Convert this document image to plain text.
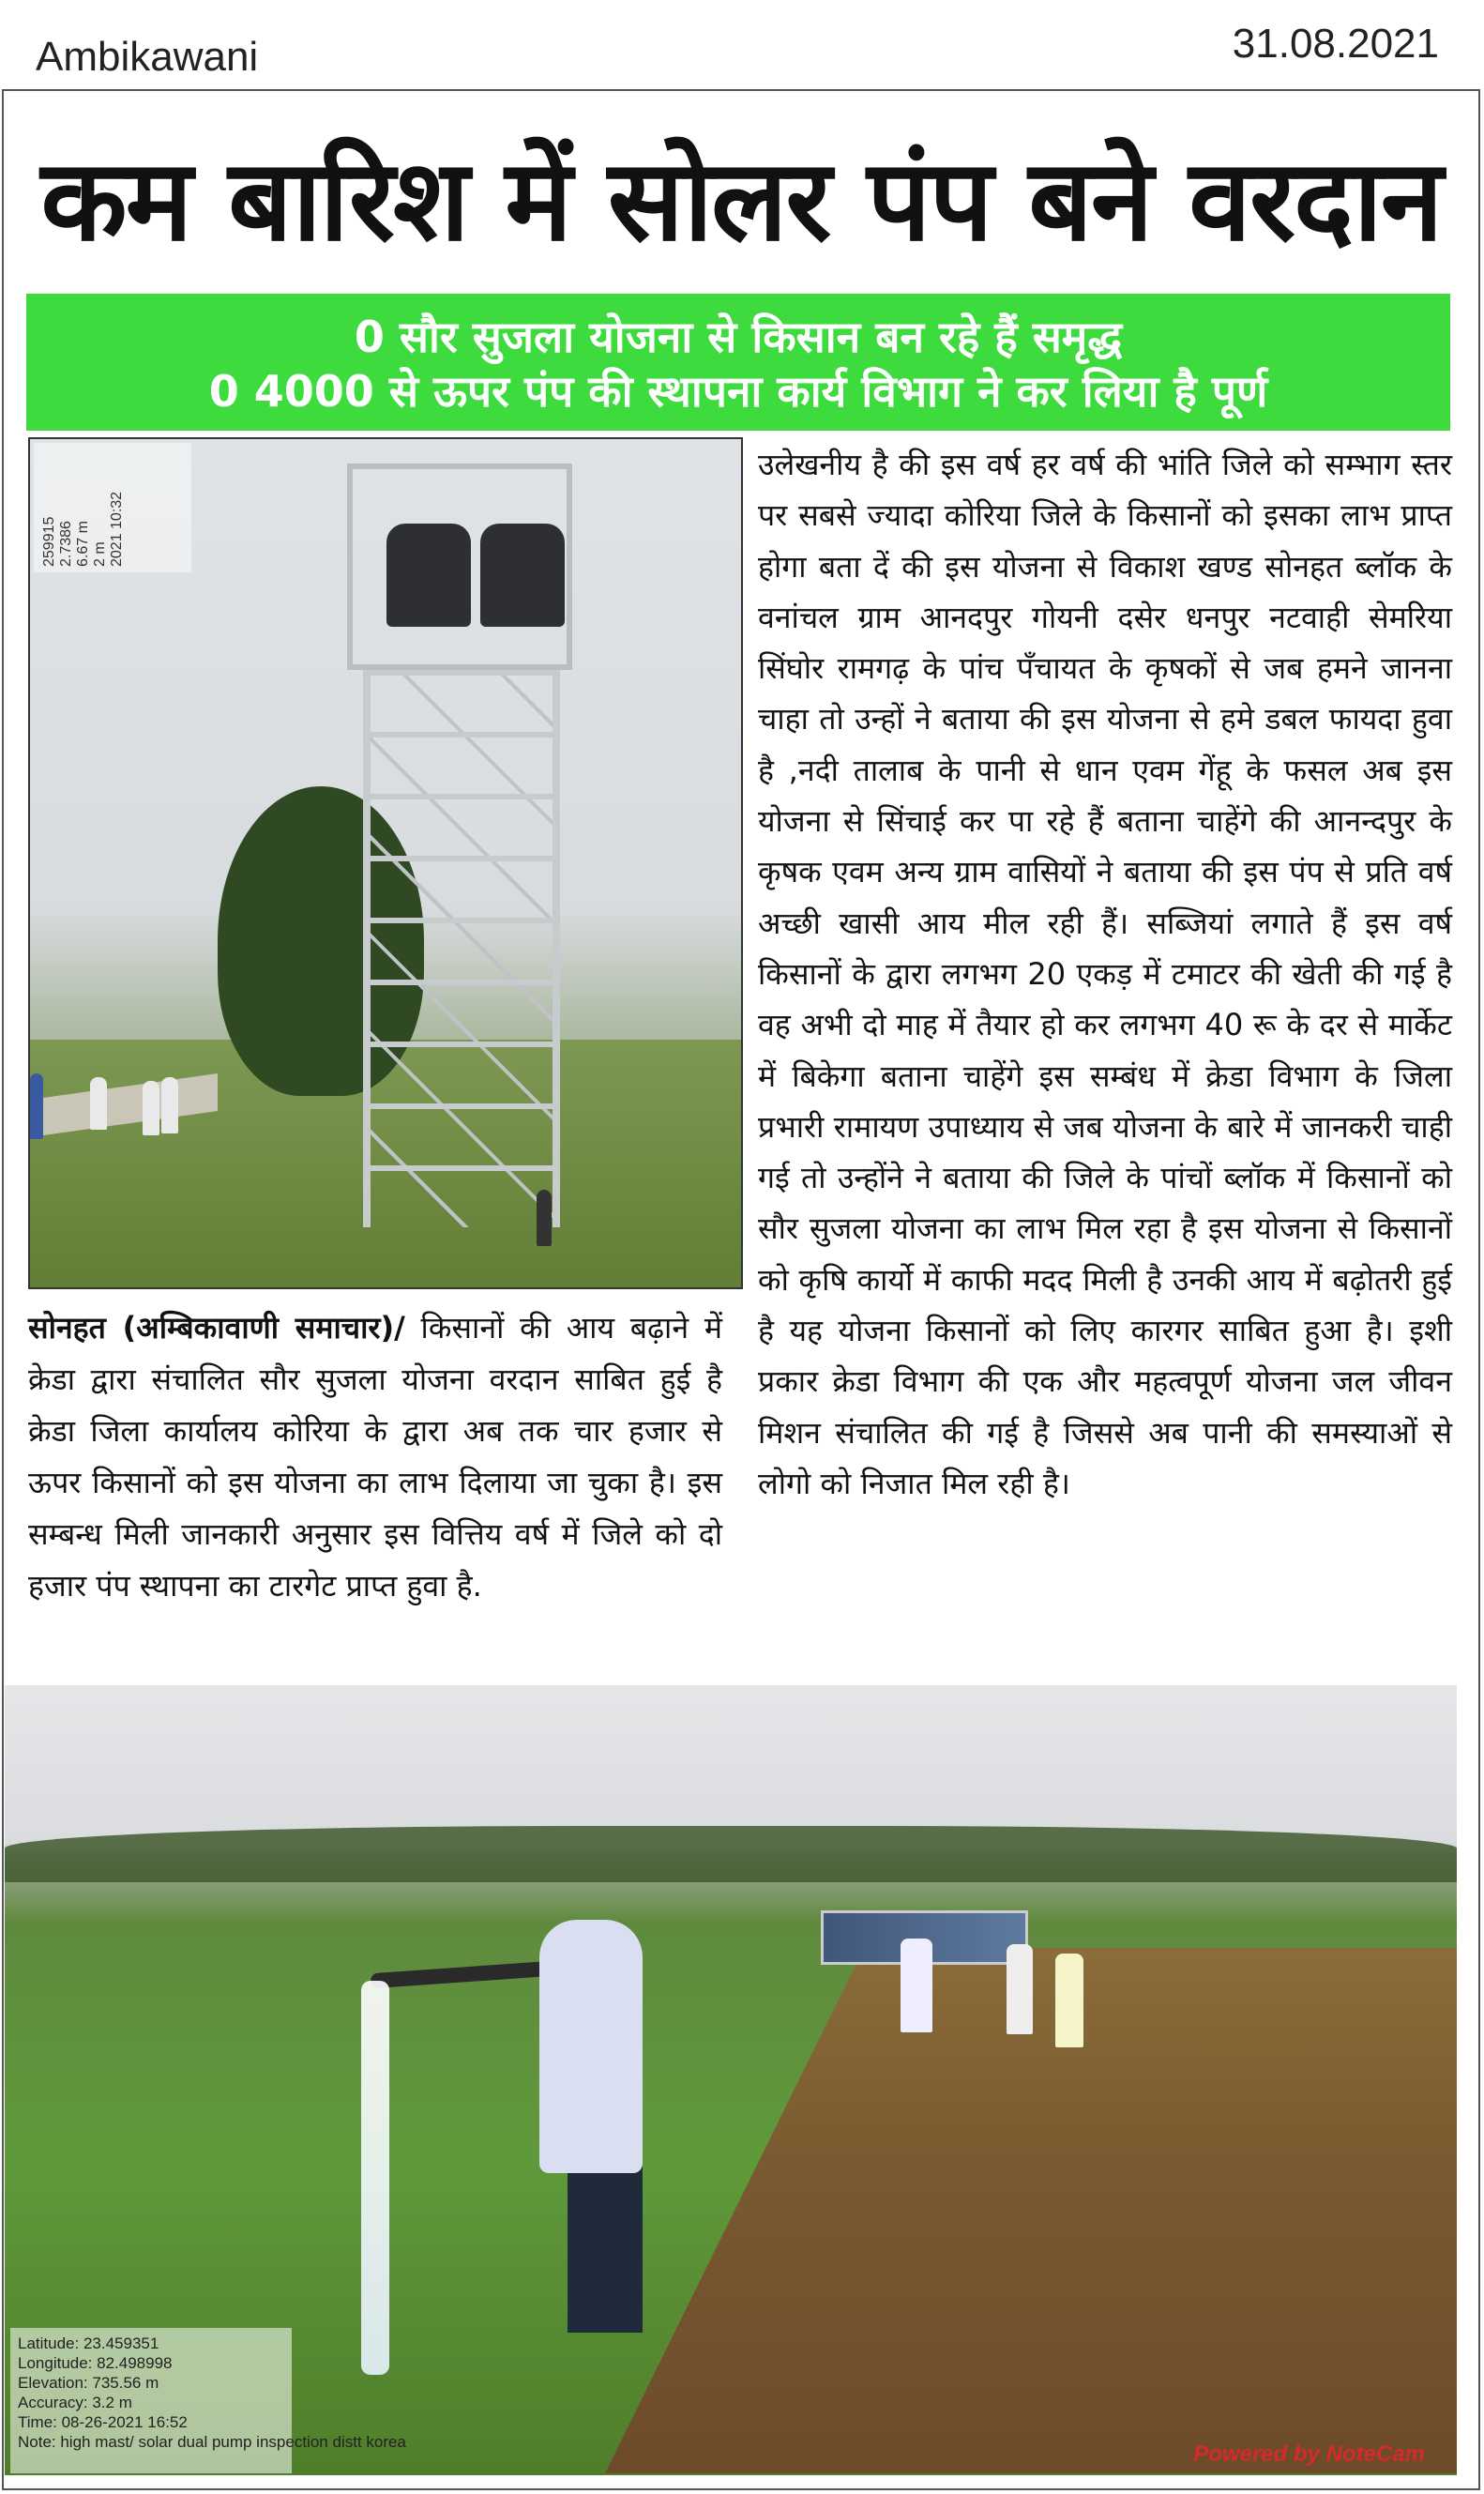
Ambikawani	31.08.2021
कम बारिश में सोलर पंप बने वरदान
0 सौर सुजला योजना से किसान बन रहे हैं समृद्ध
0 4000 से ऊपर पंप की स्थापना कार्य विभाग ने कर लिया है पूर्ण
259915 2.7386 6.67 m 2 m 2021 10:32
सोनहत (अम्बिकावाणी समाचार)/ किसानों की आय बढ़ाने में क्रेडा द्वारा संचालित सौर सुजला योजना वरदान साबित हुई है क्रेडा जिला कार्यालय कोरिया के द्वारा अब तक चार हजार से ऊपर किसानों को इस योजना का लाभ दिलाया जा चुका है। इस सम्बन्ध मिली जानकारी अनुसार इस वित्तिय वर्ष में जिले को दो हजार पंप स्थापना का टारगेट प्राप्त हुवा है.
उलेखनीय है की इस वर्ष हर वर्ष की भांति जिले को सम्भाग स्तर पर सबसे ज्यादा कोरिया जिले के किसानों को इसका लाभ प्राप्त होगा बता दें की इस योजना से विकाश खण्ड सोनहत ब्लॉक के वनांचल ग्राम आनदपुर गोयनी दसेर धनपुर नटवाही सेमरिया सिंघोर रामगढ़ के पांच पँचायत के कृषकों से जब हमने जानना चाहा तो उन्हों ने बताया की इस योजना से हमे डबल फायदा हुवा है ,नदी तालाब के पानी से धान एवम गेंहू के फसल अब इस योजना से सिंचाई कर पा रहे हैं बताना चाहेंगे की आनन्दपुर के कृषक एवम अन्य ग्राम वासियों ने बताया की इस पंप से प्रति वर्ष अच्छी खासी आय मील रही हैं। सब्जियां लगाते हैं इस वर्ष किसानों के द्वारा लगभग 20 एकड़ में टमाटर की खेती की गई है वह अभी दो माह में तैयार हो कर लगभग 40 रू के दर से मार्केट में बिकेगा बताना चाहेंगे इस सम्बंध में क्रेडा विभाग के जिला प्रभारी रामायण उपाध्याय से जब योजना के बारे में जानकरी चाही गई तो उन्होंने ने बताया की जिले के पांचों ब्लॉक में किसानों को सौर सुजला योजना का लाभ मिल रहा है इस योजना से किसानों को कृषि कार्यो में काफी मदद मिली है उनकी आय में बढ़ोतरी हुई है यह योजना किसानों को लिए कारगर साबित हुआ है। इशी प्रकार क्रेडा विभाग की एक और महत्वपूर्ण योजना जल जीवन मिशन संचालित की गई है जिससे अब पानी की समस्याओं से लोगो को निजात मिल रही है।
Latitude: 23.459351
Longitude: 82.498998
Elevation: 735.56 m
Accuracy: 3.2 m
Time: 08-26-2021 16:52
Note: high mast/ solar dual pump inspection distt korea	Powered by NoteCam
